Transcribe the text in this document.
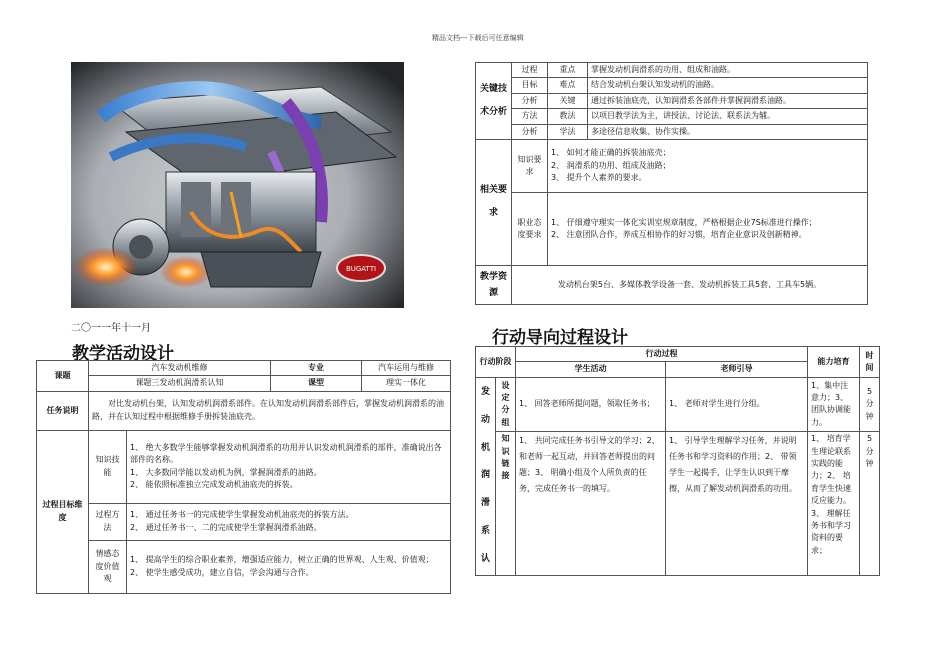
精品文档---下载后可任意编辑
BUGATTI
二〇一一年十一月
教学活动设计
行动导向过程设计
课题	汽车发动机维修		专业	汽车运用与维修
	课题三发动机润滑系认知		课型	理实一体化
任务说明	对比发动机台架，认知发动机润滑系部件。在认知发动机润滑系部件后，掌握发动机润滑系的油路，并在认知过程中根据维修手册拆装油底壳。			
过程目标维度	知识技能	1、 绝大多数学生能够掌握发动机润滑系的功用并认识发动机润滑系的部件，准确说出各部件的名称。
1、 大多数同学能以发动机为例，掌握润滑系的油路。
2、 能依照标准独立完成发动机油底壳的拆装。		

	过程方法	1、 通过任务书一的完成使学生掌握发动机油底壳的拆装方法。
2、 通过任务书一、二的完成使学生掌握润滑系油路。		

	情感态度价值观	1、 提高学生的综合职业素养，增强适应能力，树立正确的世界观、人生观、价值观；
2、 使学生感受成功，建立自信，学会沟通与合作。		
关键技术分析	过程	重点	掌握发动机润滑系的功用、组成和油路。
	目标	难点	结合发动机台架认知发动机的油路。
	分析	关键	通过拆装油底壳，认知润滑系各部件并掌握润滑系油路。
	方法	教法	以项目教学法为主，讲授法、讨论法、联系法为辅。
	分析	学法	多途径信息收集、协作实操。
相关要求	知识要求	1、 如何才能正确的拆装油底壳；
2、 润滑系的功用、组成及油路；
3、 提升个人素养的要求。	

	职业态度要求	1、 仔细遵守理实一体化实训室规章制度，严格根据企业7S标准进行操作；
2、 注意团队合作，养成互相协作的好习惯，培育企业意识及创新精神。	

教学资源	发动机台架5台、多媒体教学设备一套、发动机拆装工具5套、工具车5辆。		
行动阶段		行动过程		能力培育	时间
		学生活动	老师引导		
发动机润滑系认	设定分组	1、 回答老师所提问题，领取任务书；	1、 老师对学生进行分组。	1、集中注意力；3、团队协调能力。	5分钟
	知识链接	1、 共同完成任务书引导文的学习；2、 和老师一起互动，并回答老师提出的问题；3、 明确小组及个人所负责的任务，完成任务书一的填写。	1、 引导学生理解学习任务，并说明任务书和学习资料的作用；2、 带领学生一起揭手，让学生认识到干摩擦，从而了解发动机润滑系的功用。	1、 培育学生理论联系实践的能力；2、 培育学生快速反应能力。3、 理解任务书和学习资料的要求；	5分钟
